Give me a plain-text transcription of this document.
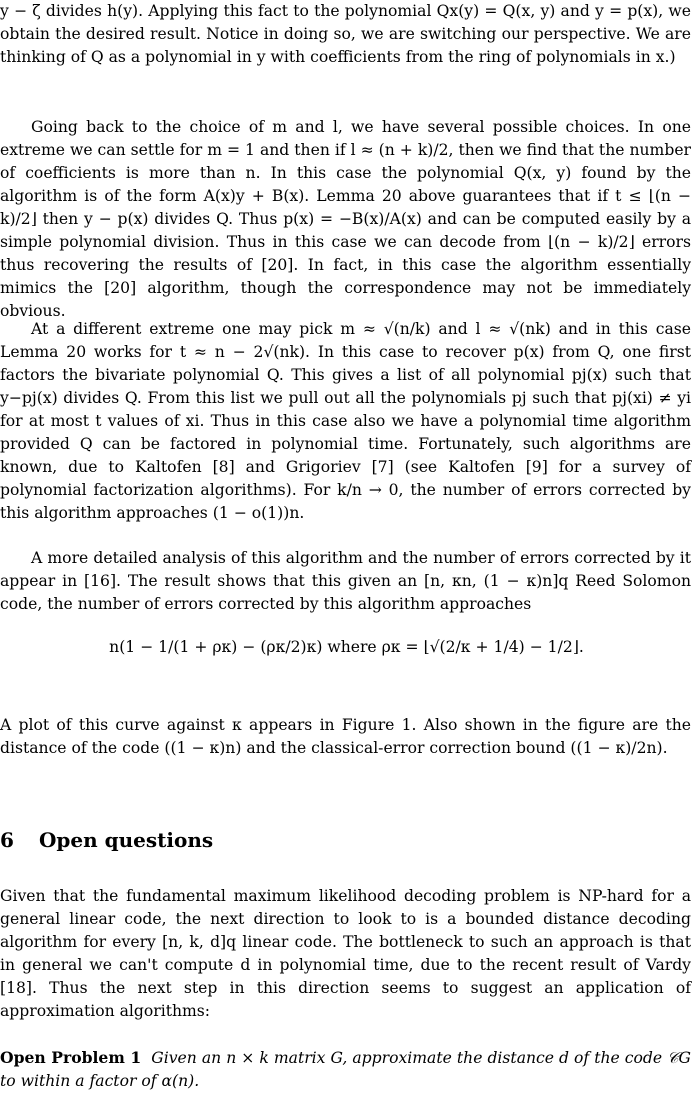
y − ζ divides h(y). Applying this fact to the polynomial Qx(y) = Q(x, y) and y = p(x), we obtain the desired result. Notice in doing so, we are switching our perspective. We are thinking of Q as a polynomial in y with coefficients from the ring of polynomials in x.)

Going back to the choice of m and l, we have several possible choices. In one extreme we can settle for m = 1 and then if l ≈ (n + k)/2, then we find that the number of coefficients is more than n. In this case the polynomial Q(x, y) found by the algorithm is of the form A(x)y + B(x). Lemma 20 above guarantees that if t ≤ ⌊(n − k)/2⌋ then y − p(x) divides Q. Thus p(x) = −B(x)/A(x) and can be computed easily by a simple polynomial division. Thus in this case we can decode from ⌊(n − k)/2⌋ errors thus recovering the results of [20]. In fact, in this case the algorithm essentially mimics the [20] algorithm, though the correspondence may not be immediately obvious.

At a different extreme one may pick m ≈ √(n/k) and l ≈ √(nk) and in this case Lemma 20 works for t ≈ n − 2√(nk). In this case to recover p(x) from Q, one first factors the bivariate polynomial Q. This gives a list of all polynomial pj(x) such that y−pj(x) divides Q. From this list we pull out all the polynomials pj such that pj(xi) ≠ yi for at most t values of xi. Thus in this case also we have a polynomial time algorithm provided Q can be factored in polynomial time. Fortunately, such algorithms are known, due to Kaltofen [8] and Grigoriev [7] (see Kaltofen [9] for a survey of polynomial factorization algorithms). For k/n → 0, the number of errors corrected by this algorithm approaches (1 − o(1))n.

A more detailed analysis of this algorithm and the number of errors corrected by it appear in [16]. The result shows that this given an [n, κn, (1 − κ)n]q Reed Solomon code, the number of errors corrected by this algorithm approaches

n(1 − 1/(1 + ρκ) − (ρκ/2)κ) where ρκ = ⌊√(2/κ + 1/4) − 1/2⌋.

A plot of this curve against κ appears in Figure 1. Also shown in the figure are the distance of the code ((1 − κ)n) and the classical-error correction bound ((1 − κ)/2n).

6 Open questions

Given that the fundamental maximum likelihood decoding problem is NP-hard for a general linear code, the next direction to look to is a bounded distance decoding algorithm for every [n, k, d]q linear code. The bottleneck to such an approach is that in general we can't compute d in polynomial time, due to the recent result of Vardy [18]. Thus the next step in this direction seems to suggest an application of approximation algorithms:

Open Problem 1 Given an n × k matrix G, approximate the distance d of the code 𝒞G to within a factor of α(n).
